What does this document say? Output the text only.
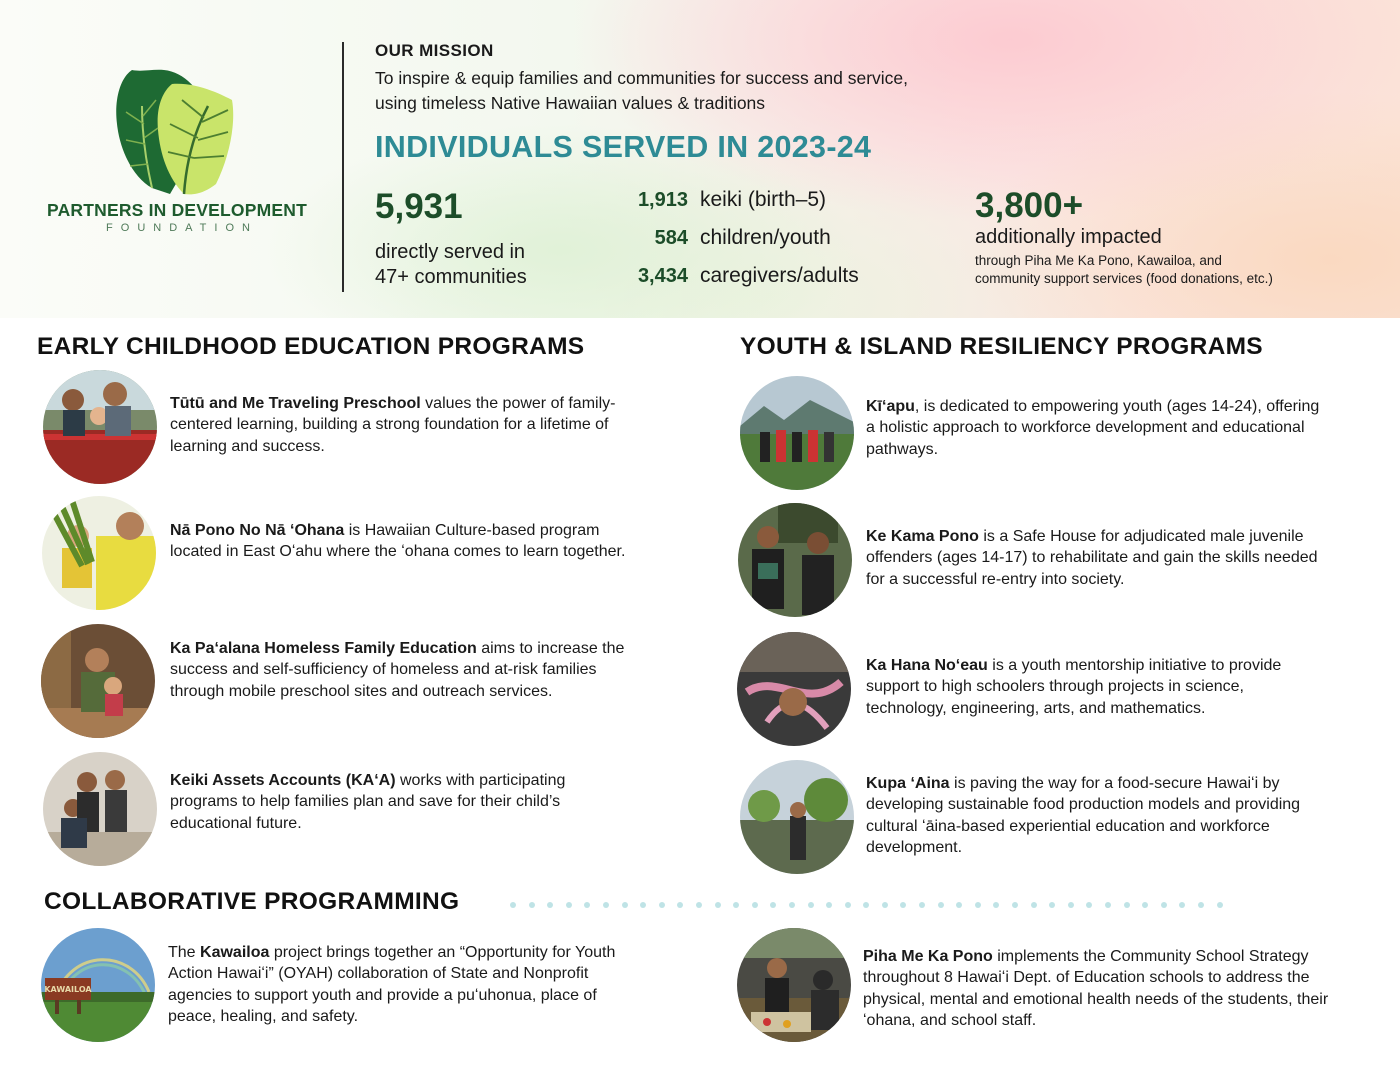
PARTNERS IN DEVELOPMENT
FOUNDATION
OUR MISSION
To inspire & equip families and communities for success and service,
using timeless Native Hawaiian values & traditions
INDIVIDUALS SERVED IN 2023-24
5,931
directly served in
47+ communities
1,913 keiki (birth–5)
584 children/youth
3,434 caregivers/adults
3,800+
additionally impacted
through Piha Me Ka Pono, Kawailoa, and
community support services (food donations, etc.)
EARLY CHILDHOOD EDUCATION PROGRAMS
Tūtū and Me Traveling Preschool values the power of family-centered learning, building a strong foundation for a lifetime of learning and success.
Nā Pono No Nā ʻOhana is Hawaiian Culture-based program located in East Oʻahu where the ʻohana comes to learn together.
Ka Paʻalana Homeless Family Education aims to increase the success and self-sufficiency of homeless and at-risk families through mobile preschool sites and outreach services.
Keiki Assets Accounts (KAʻA) works with participating programs to help families plan and save for their child’s educational future.
YOUTH & ISLAND RESILIENCY PROGRAMS
Kīʻapu, is dedicated to empowering youth (ages 14-24), offering a holistic approach to workforce development and educational pathways.
Ke Kama Pono is a Safe House for adjudicated male juvenile offenders (ages 14-17) to rehabilitate and gain the skills needed for a successful re-entry into society.
Ka Hana Noʻeau is a youth mentorship initiative to provide support to high schoolers through projects in science, technology, engineering, arts, and mathematics.
Kupa ʻAina is paving the way for a food-secure Hawaiʻi by developing sustainable food production models and providing cultural ʻāina-based experiential education and workforce development.
COLLABORATIVE PROGRAMMING
KAWAILOA
The Kawailoa project brings together an “Opportunity for Youth Action Hawaiʻi” (OYAH) collaboration of State and Nonprofit agencies to support youth and provide a puʻuhonua, place of peace, healing, and safety.
Piha Me Ka Pono implements the Community School Strategy throughout 8 Hawaiʻi Dept. of Education schools to address the physical, mental and emotional health needs of the students, their ʻohana, and school staff.
